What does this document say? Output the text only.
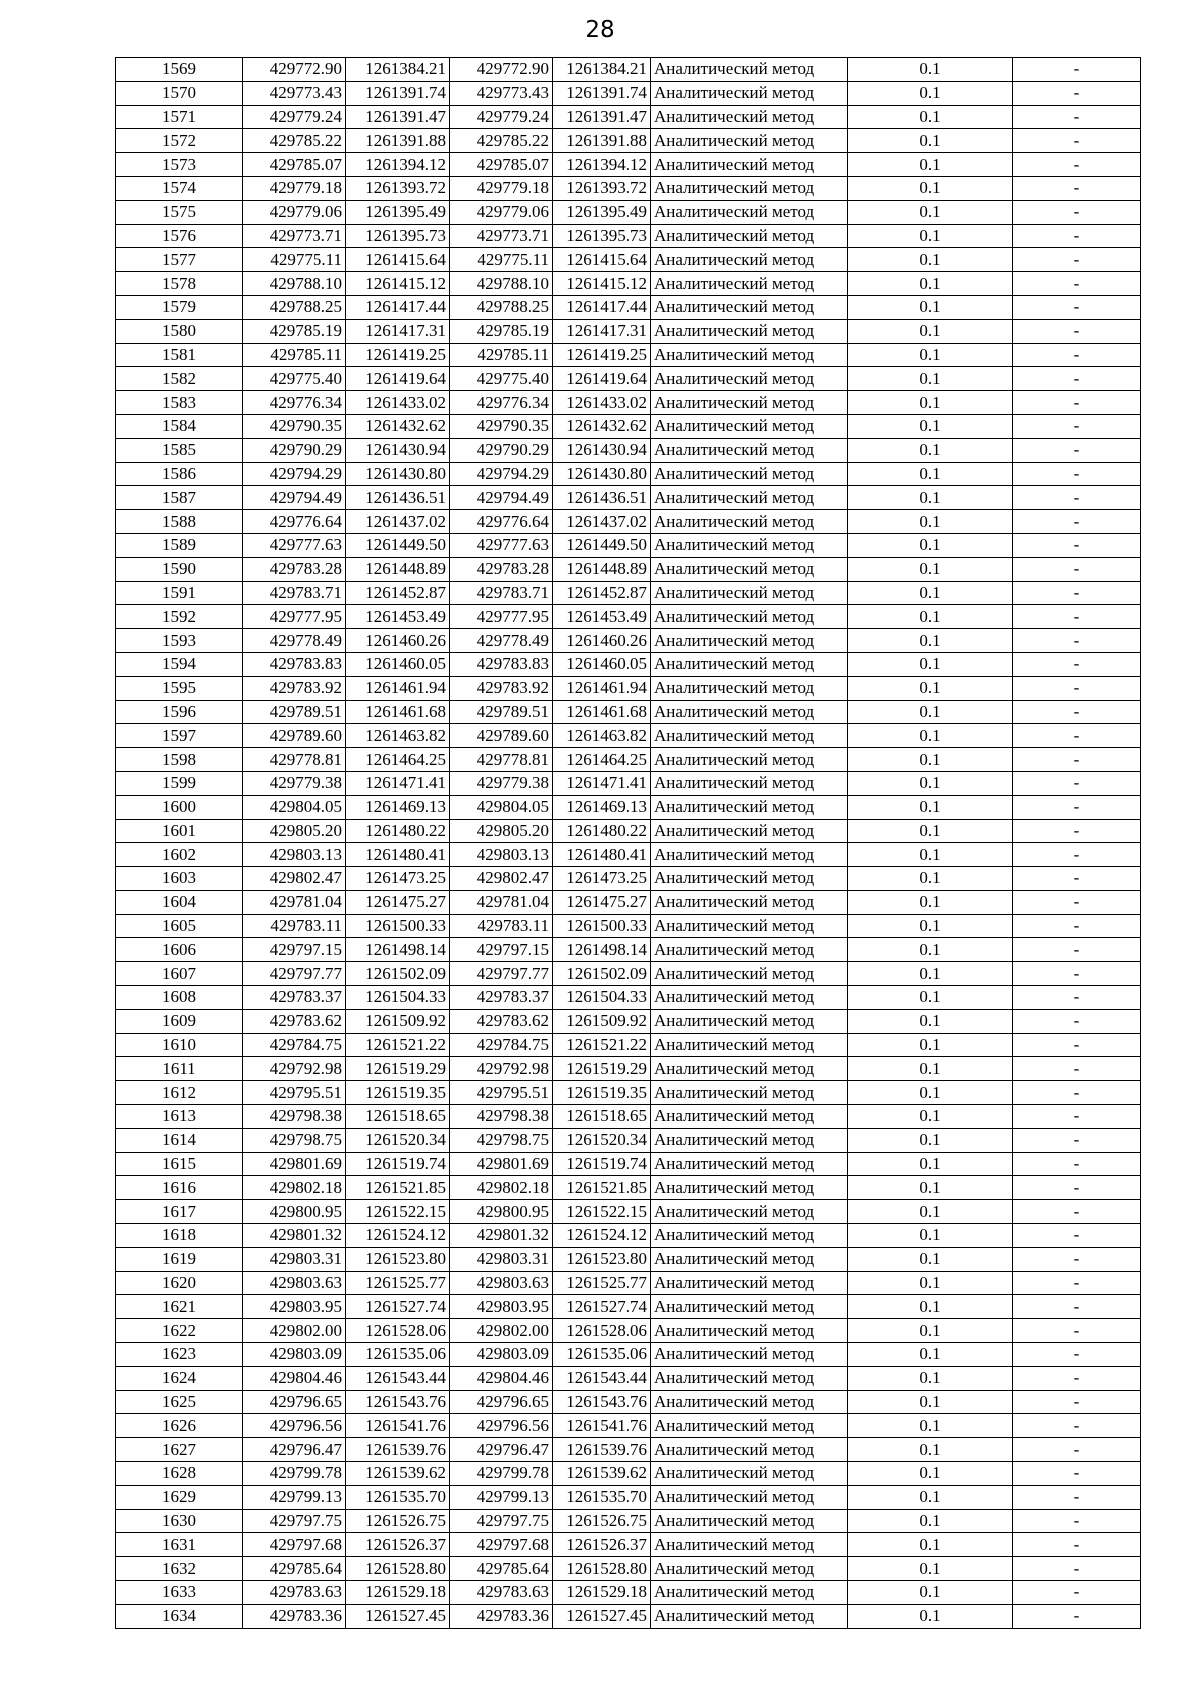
28
1569	429772.90	1261384.21	429772.90	1261384.21	Аналитический метод	0.1	-
1570	429773.43	1261391.74	429773.43	1261391.74	Аналитический метод	0.1	-
1571	429779.24	1261391.47	429779.24	1261391.47	Аналитический метод	0.1	-
1572	429785.22	1261391.88	429785.22	1261391.88	Аналитический метод	0.1	-
1573	429785.07	1261394.12	429785.07	1261394.12	Аналитический метод	0.1	-
1574	429779.18	1261393.72	429779.18	1261393.72	Аналитический метод	0.1	-
1575	429779.06	1261395.49	429779.06	1261395.49	Аналитический метод	0.1	-
1576	429773.71	1261395.73	429773.71	1261395.73	Аналитический метод	0.1	-
1577	429775.11	1261415.64	429775.11	1261415.64	Аналитический метод	0.1	-
1578	429788.10	1261415.12	429788.10	1261415.12	Аналитический метод	0.1	-
1579	429788.25	1261417.44	429788.25	1261417.44	Аналитический метод	0.1	-
1580	429785.19	1261417.31	429785.19	1261417.31	Аналитический метод	0.1	-
1581	429785.11	1261419.25	429785.11	1261419.25	Аналитический метод	0.1	-
1582	429775.40	1261419.64	429775.40	1261419.64	Аналитический метод	0.1	-
1583	429776.34	1261433.02	429776.34	1261433.02	Аналитический метод	0.1	-
1584	429790.35	1261432.62	429790.35	1261432.62	Аналитический метод	0.1	-
1585	429790.29	1261430.94	429790.29	1261430.94	Аналитический метод	0.1	-
1586	429794.29	1261430.80	429794.29	1261430.80	Аналитический метод	0.1	-
1587	429794.49	1261436.51	429794.49	1261436.51	Аналитический метод	0.1	-
1588	429776.64	1261437.02	429776.64	1261437.02	Аналитический метод	0.1	-
1589	429777.63	1261449.50	429777.63	1261449.50	Аналитический метод	0.1	-
1590	429783.28	1261448.89	429783.28	1261448.89	Аналитический метод	0.1	-
1591	429783.71	1261452.87	429783.71	1261452.87	Аналитический метод	0.1	-
1592	429777.95	1261453.49	429777.95	1261453.49	Аналитический метод	0.1	-
1593	429778.49	1261460.26	429778.49	1261460.26	Аналитический метод	0.1	-
1594	429783.83	1261460.05	429783.83	1261460.05	Аналитический метод	0.1	-
1595	429783.92	1261461.94	429783.92	1261461.94	Аналитический метод	0.1	-
1596	429789.51	1261461.68	429789.51	1261461.68	Аналитический метод	0.1	-
1597	429789.60	1261463.82	429789.60	1261463.82	Аналитический метод	0.1	-
1598	429778.81	1261464.25	429778.81	1261464.25	Аналитический метод	0.1	-
1599	429779.38	1261471.41	429779.38	1261471.41	Аналитический метод	0.1	-
1600	429804.05	1261469.13	429804.05	1261469.13	Аналитический метод	0.1	-
1601	429805.20	1261480.22	429805.20	1261480.22	Аналитический метод	0.1	-
1602	429803.13	1261480.41	429803.13	1261480.41	Аналитический метод	0.1	-
1603	429802.47	1261473.25	429802.47	1261473.25	Аналитический метод	0.1	-
1604	429781.04	1261475.27	429781.04	1261475.27	Аналитический метод	0.1	-
1605	429783.11	1261500.33	429783.11	1261500.33	Аналитический метод	0.1	-
1606	429797.15	1261498.14	429797.15	1261498.14	Аналитический метод	0.1	-
1607	429797.77	1261502.09	429797.77	1261502.09	Аналитический метод	0.1	-
1608	429783.37	1261504.33	429783.37	1261504.33	Аналитический метод	0.1	-
1609	429783.62	1261509.92	429783.62	1261509.92	Аналитический метод	0.1	-
1610	429784.75	1261521.22	429784.75	1261521.22	Аналитический метод	0.1	-
1611	429792.98	1261519.29	429792.98	1261519.29	Аналитический метод	0.1	-
1612	429795.51	1261519.35	429795.51	1261519.35	Аналитический метод	0.1	-
1613	429798.38	1261518.65	429798.38	1261518.65	Аналитический метод	0.1	-
1614	429798.75	1261520.34	429798.75	1261520.34	Аналитический метод	0.1	-
1615	429801.69	1261519.74	429801.69	1261519.74	Аналитический метод	0.1	-
1616	429802.18	1261521.85	429802.18	1261521.85	Аналитический метод	0.1	-
1617	429800.95	1261522.15	429800.95	1261522.15	Аналитический метод	0.1	-
1618	429801.32	1261524.12	429801.32	1261524.12	Аналитический метод	0.1	-
1619	429803.31	1261523.80	429803.31	1261523.80	Аналитический метод	0.1	-
1620	429803.63	1261525.77	429803.63	1261525.77	Аналитический метод	0.1	-
1621	429803.95	1261527.74	429803.95	1261527.74	Аналитический метод	0.1	-
1622	429802.00	1261528.06	429802.00	1261528.06	Аналитический метод	0.1	-
1623	429803.09	1261535.06	429803.09	1261535.06	Аналитический метод	0.1	-
1624	429804.46	1261543.44	429804.46	1261543.44	Аналитический метод	0.1	-
1625	429796.65	1261543.76	429796.65	1261543.76	Аналитический метод	0.1	-
1626	429796.56	1261541.76	429796.56	1261541.76	Аналитический метод	0.1	-
1627	429796.47	1261539.76	429796.47	1261539.76	Аналитический метод	0.1	-
1628	429799.78	1261539.62	429799.78	1261539.62	Аналитический метод	0.1	-
1629	429799.13	1261535.70	429799.13	1261535.70	Аналитический метод	0.1	-
1630	429797.75	1261526.75	429797.75	1261526.75	Аналитический метод	0.1	-
1631	429797.68	1261526.37	429797.68	1261526.37	Аналитический метод	0.1	-
1632	429785.64	1261528.80	429785.64	1261528.80	Аналитический метод	0.1	-
1633	429783.63	1261529.18	429783.63	1261529.18	Аналитический метод	0.1	-
1634	429783.36	1261527.45	429783.36	1261527.45	Аналитический метод	0.1	-
